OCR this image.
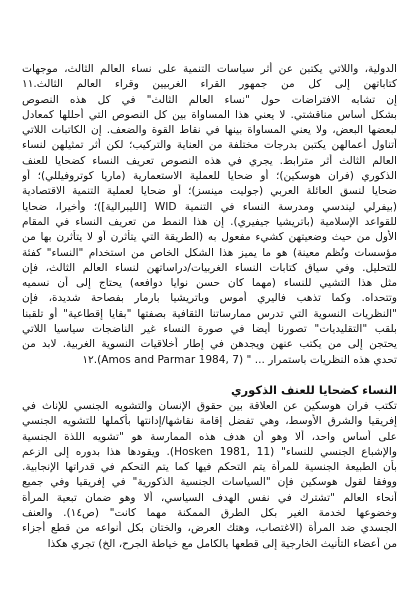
الدولية، واللاتي يكتبن عن أثر سياسات التنمية على نساء العالم الثالث، موجهات
كتاباتهن إلى كل من جمهور القراء الغربيين وقراء العالم الثالث.١١
إن تشابه الافتراضات حول "نساء العالم الثالث" في كل هذه النصوص
بشكل أساس مناقشتي. لا يعني هذا المساواة بين كل النصوص التي أحللها كمعادل
لبعضها البعض، ولا يعني المساواة بينها في نقاط القوة والضعف. إن الكاتبات اللاتي
أتناول أعمالهن يكتبن بدرجات مختلفة من العناية والتركيب؛ لكن أثر تمثيلهن لنساء
العالم الثالث أثر مترابط. يجري في هذه النصوص تعريف النساء كضحايا للعنف
الذكوري (فران هوسكين)؛ أو ضحايا للعملية الاستعمارية (ماريا كوتروفيللي)؛ أو
ضحايا لنسق العائلة العربي (جوليت مينسز)؛ أو ضحايا لعملية التنمية الاقتصادية
(بيفرلي ليندسي ومدرسة النساء في التنمية WID [الليبرالية])؛ وأخيرا، ضحايا
للقواعد الإسلامية (باتريشيا جيفيري). إن هذا النمط من تعريف النساء في المقام
الأول من حيث وضعيتهن كشيء مفعول به (الطريقة التي يتأثرن أو لا يتأثرن بها من
مؤسسات ونُظم معينة) هو ما يميز هذا الشكل الخاص من استخدام "النساء" كفئة
للتحليل. وفي سياق كتابات النساء الغربيات/دراساتهن لنساء العالم الثالث، فإن
مثل هذا التشيي للنساء (مهما كان حسن نوايا دوافعه) يحتاج إلى أن نسميه
وتتحداه. وكما تذهب فاليري أموس وباتريشيا بارمار بفصاحة شديدة، فإن
"النظريات النسوية التي تدرس ممارساتنا الثقافية بصفتها "بقايا إقطاعية" أو تلقبنا
بلقب "التقليديات" تصورنا أيضا في صورة النساء غير الناضجات سياسيا اللاتي
يحتجن إلى من يكتب عنهن ويجدهن في إطار أخلاقيات النسوية الغربية. لابد من
تحدي هذه النظريات باستمرار ... " (Amos and Parmar 1984, 7).١٢
النساء كضحايا للعنف الذكوري
تكتب فران هوسكين عن العلاقة بين حقوق الإنسان والتشويه الجنسي للإناث في
إفريقيا والشرق الأوسط، وهي تفضل إقامة نقاشها/إدانتها بأكملها للتشويه الجنسي
على أساس واحد، ألا وهو أن هدف هذه الممارسة هو "تشويه اللذة الجنسية
والإشباع الجنسي للنساء" (Hosken 1981, 11). ويقودها هذا بدوره إلى الزعم
بأن الطبيعة الجنسية للمرأة يتم التحكم فيها كما يتم التحكم في قدراتها الإنجابية.
ووفقا لقول هوسكين فإن "السياسات الجنسية الذكورية" في إفريقيا وفي جميع
أنحاء العالم "تشترك في نفس الهدف السياسي، ألا وهو ضمان تبعية المرأة
وخضوعها لخدمة الغير بكل الطرق الممكنة مهما كانت" (ص١٤). والعنف
الجسدي ضد المرأة (الاغتصاب، وهتك العرض، والختان بكل أنواعه من قطع أجزاء
من أعضاء التأنيث الخارجية إلى قطعها بالكامل مع خياطة الجرح، الخ) تجري هكذا
